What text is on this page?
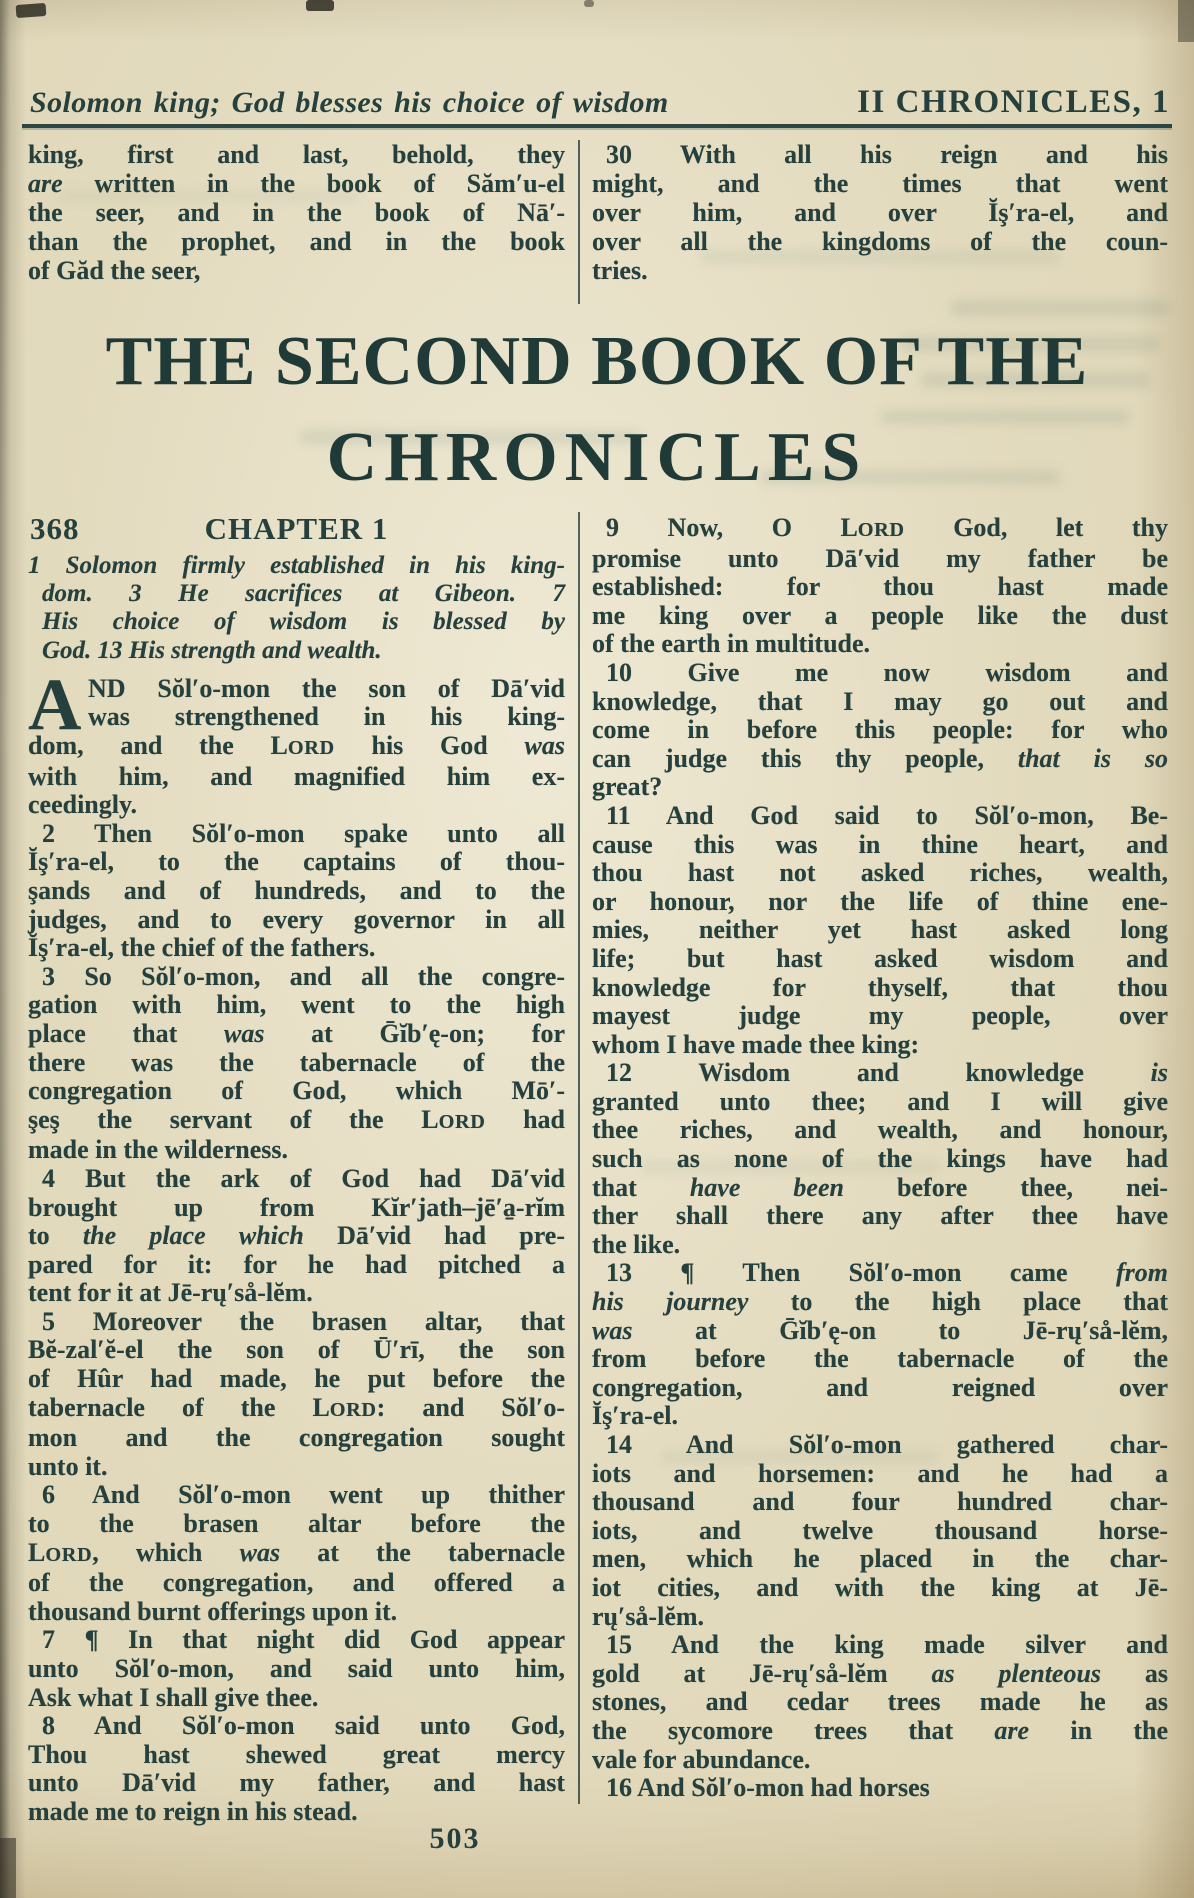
Solomon king; God blesses his choice of wisdom	II CHRONICLES, 1
king, first and last, behold, they
are written in the book of Săm′u-el
the seer, and in the book of Nā′-
than the prophet, and in the book
of Găd the seer,
30 With all his reign and his
might, and the times that went
over him, and over Ĭş′ra-el, and
over all the kingdoms of the coun-
tries.
THE SECOND BOOK OF THE
CHRONICLES
368	CHAPTER 1
1 Solomon firmly established in his king-
dom. 3 He sacrifices at Gibeon. 7
His choice of wisdom is blessed by
God. 13 His strength and wealth.
A ND Sŏl′o-mon the son of Dā′vid
was strengthened in his king-
dom, and the LORD his God was
with him, and magnified him ex-
ceedingly.
2 Then Sŏl′o-mon spake unto all
Ĭş′ra-el, to the captains of thou-
şands and of hundreds, and to the
judges, and to every governor in all
Ĭş′ra-el, the chief of the fathers.
3 So Sŏl′o-mon, and all the congre-
gation with him, went to the high
place that was at Ḡĭb′ę-on; for
there was the tabernacle of the
congregation of God, which Mō′-
şeş the servant of the LORD had
made in the wilderness.
4 But the ark of God had Dā′vid
brought up from Kĭr′jath–jē′a̱-rĭm
to the place which Dā′vid had pre-
pared for it: for he had pitched a
tent for it at Jē-rų′så-lĕm.
5 Moreover the brasen altar, that
Bĕ-zal′ĕ-el the son of Ū′rī, the son
of Hûr had made, he put before the
tabernacle of the LORD: and Sŏl′o-
mon and the congregation sought
unto it.
6 And Sŏl′o-mon went up thither
to the brasen altar before the
LORD, which was at the tabernacle
of the congregation, and offered a
thousand burnt offerings upon it.
7 ¶ In that night did God appear
unto Sŏl′o-mon, and said unto him,
Ask what I shall give thee.
8 And Sŏl′o-mon said unto God,
Thou hast shewed great mercy
unto Dā′vid my father, and hast
made me to reign in his stead.
9 Now, O LORD God, let thy
promise unto Dā′vid my father be
established: for thou hast made
me king over a people like the dust
of the earth in multitude.
10 Give me now wisdom and
knowledge, that I may go out and
come in before this people: for who
can judge this thy people, that is so
great?
11 And God said to Sŏl′o-mon, Be-
cause this was in thine heart, and
thou hast not asked riches, wealth,
or honour, nor the life of thine ene-
mies, neither yet hast asked long
life; but hast asked wisdom and
knowledge for thyself, that thou
mayest judge my people, over
whom I have made thee king:
12 Wisdom and knowledge is
granted unto thee; and I will give
thee riches, and wealth, and honour,
such as none of the kings have had
that have been before thee, nei-
ther shall there any after thee have
the like.
13 ¶ Then Sŏl′o-mon came from
his journey to the high place that
was at Ḡĭb′ę-on to Jē-rų′så-lĕm,
from before the tabernacle of the
congregation, and reigned over
Ĭş′ra-el.
14 And Sŏl′o-mon gathered char-
iots and horsemen: and he had a
thousand and four hundred char-
iots, and twelve thousand horse-
men, which he placed in the char-
iot cities, and with the king at Jē-
rų′så-lĕm.
15 And the king made silver and
gold at Jē-rų′så-lĕm as plenteous as
stones, and cedar trees made he as
the sycomore trees that are in the
vale for abundance.
16 And Sŏl′o-mon had horses
503
